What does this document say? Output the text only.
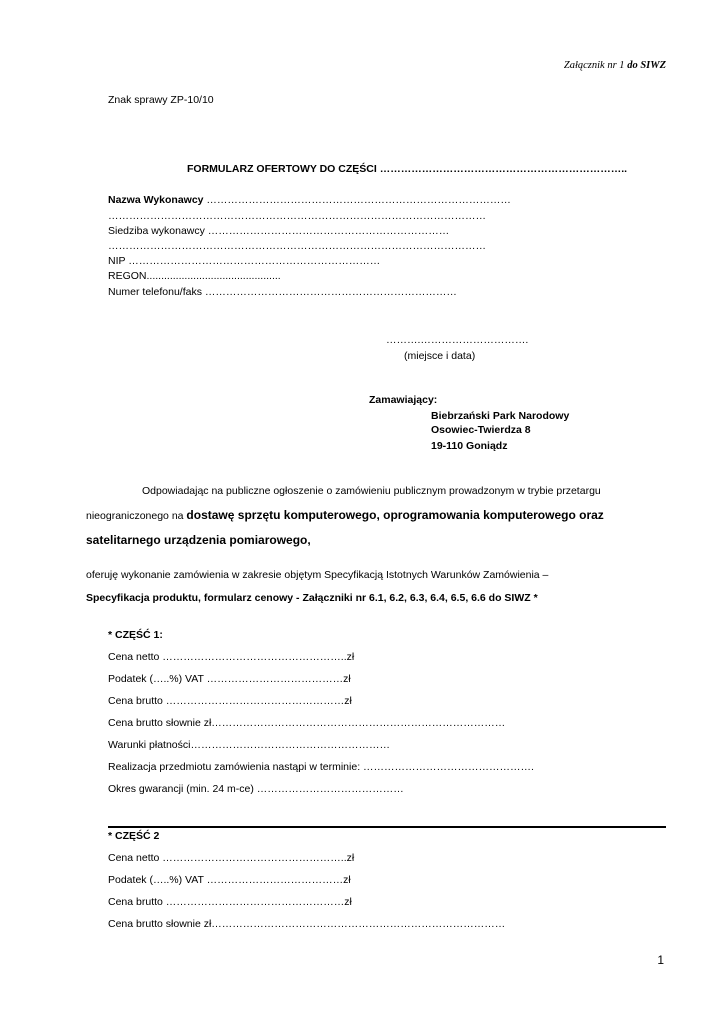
Załącznik nr 1 do SIWZ
Znak sprawy ZP-10/10
FORMULARZ OFERTOWY DO CZĘŚCI ……………………………………………………………..
Nazwa Wykonawcy ……………………………………………………………………………
………………………………………………………………………………………………
Siedziba wykonawcy ……………………………………………………………
………………………………………………………………………………………………
NIP ………………………………………………………………
REGON..............................................
Numer telefonu/faks ………………………………………………………………
……….………………………….
(miejsce i data)
Zamawiający:
Biebrzański Park Narodowy
Osowiec-Twierdza 8
19-110 Goniądz
Odpowiadając na publiczne ogłoszenie o zamówieniu publicznym prowadzonym w trybie przetargu
nieograniczonego na dostawę sprzętu komputerowego, oprogramowania komputerowego oraz
satelitarnego urządzenia pomiarowego,
oferuję wykonanie zamówienia w zakresie objętym Specyfikacją Istotnych Warunków Zamówienia –
Specyfikacja produktu, formularz cenowy - Załączniki nr 6.1, 6.2, 6.3, 6.4, 6.5, 6.6 do SIWZ *
* CZĘŚĆ 1:
Cena netto ……………………………………………..zł
Podatek (…..%) VAT …………………………………zł
Cena brutto ……………………………………………zł
Cena brutto słownie zł…………………………………………………………………………
Warunki płatności…………………………………………………
Realizacja przedmiotu zamówienia nastąpi w terminie: ………………………………………….
Okres gwarancji (min. 24 m-ce) ……………………………………
* CZĘŚĆ 2
Cena netto ……………………………………………..zł
Podatek (…..%) VAT …………………………………zł
Cena brutto ……………………………………………zł
Cena brutto słownie zł…………………………………………………………………………
1
